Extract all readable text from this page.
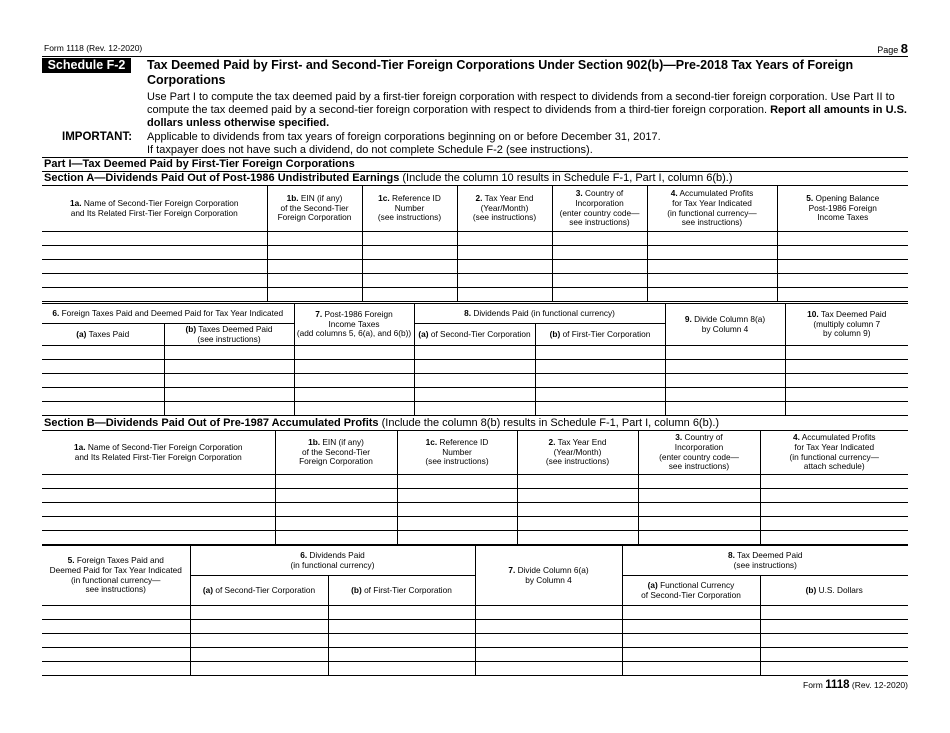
Form 1118 (Rev. 12-2020)	Page 8
Schedule F-2	Tax Deemed Paid by First- and Second-Tier Foreign Corporations Under Section 902(b)—Pre-2018 Tax Years of Foreign
Corporations
Use Part I to compute the tax deemed paid by a first-tier foreign corporation with respect to dividends from a second-tier foreign corporation. Use Part II to
compute the tax deemed paid by a second-tier foreign corporation with respect to dividends from a third-tier foreign corporation. Report all amounts in U.S.
dollars unless otherwise specified.
IMPORTANT: Applicable to dividends from tax years of foreign corporations beginning on or before December 31, 2017.
If taxpayer does not have such a dividend, do not complete Schedule F-2 (see instructions).
Part I—Tax Deemed Paid by First-Tier Foreign Corporations
Section A—Dividends Paid Out of Post-1986 Undistributed Earnings (Include the column 10 results in Schedule F-1, Part I, column 6(b).)
1a. Name of Second-Tier Foreign Corporation
and Its Related First-Tier Foreign Corporation	1b. EIN (if any)
of the Second-Tier
Foreign Corporation	1c. Reference ID
Number
(see instructions)	2. Tax Year End
(Year/Month)
(see instructions)	3. Country of
Incorporation
(enter country code—
see instructions)	4. Accumulated Profits
for Tax Year Indicated
(in functional currency—
see instructions)	5. Opening Balance
Post-1986 Foreign
Income Taxes

6. Foreign Taxes Paid and Deemed Paid for Tax Year Indicated		7. Post-1986 Foreign
Income Taxes
(add columns 5, 6(a), and 6(b))	8. Dividends Paid (in functional currency)		9. Divide Column 8(a)
by Column 4	10. Tax Deemed Paid
(multiply column 7
by column 9)
(a) Taxes Paid	(b) Taxes Deemed Paid
(see instructions)		(a) of Second-Tier Corporation	(b) of First-Tier Corporation		

Section B—Dividends Paid Out of Pre-1987 Accumulated Profits (Include the column 8(b) results in Schedule F-1, Part I, column 6(b).)
1a. Name of Second-Tier Foreign Corporation
and Its Related First-Tier Foreign Corporation	1b. EIN (if any)
of the Second-Tier
Foreign Corporation	1c. Reference ID
Number
(see instructions)	2. Tax Year End
(Year/Month)
(see instructions)	3. Country of
Incorporation
(enter country code—
see instructions)	4. Accumulated Profits
for Tax Year Indicated
(in functional currency—
attach schedule)

5. Foreign Taxes Paid and
Deemed Paid for Tax Year Indicated
(in functional currency—
see instructions)	6. Dividends Paid
(in functional currency)		7. Divide Column 6(a)
by Column 4	8. Tax Deemed Paid
(see instructions)	
	(a) of Second-Tier Corporation	(b) of First-Tier Corporation		(a) Functional Currency
of Second-Tier Corporation	(b) U.S. Dollars

Form 1118 (Rev. 12-2020)
